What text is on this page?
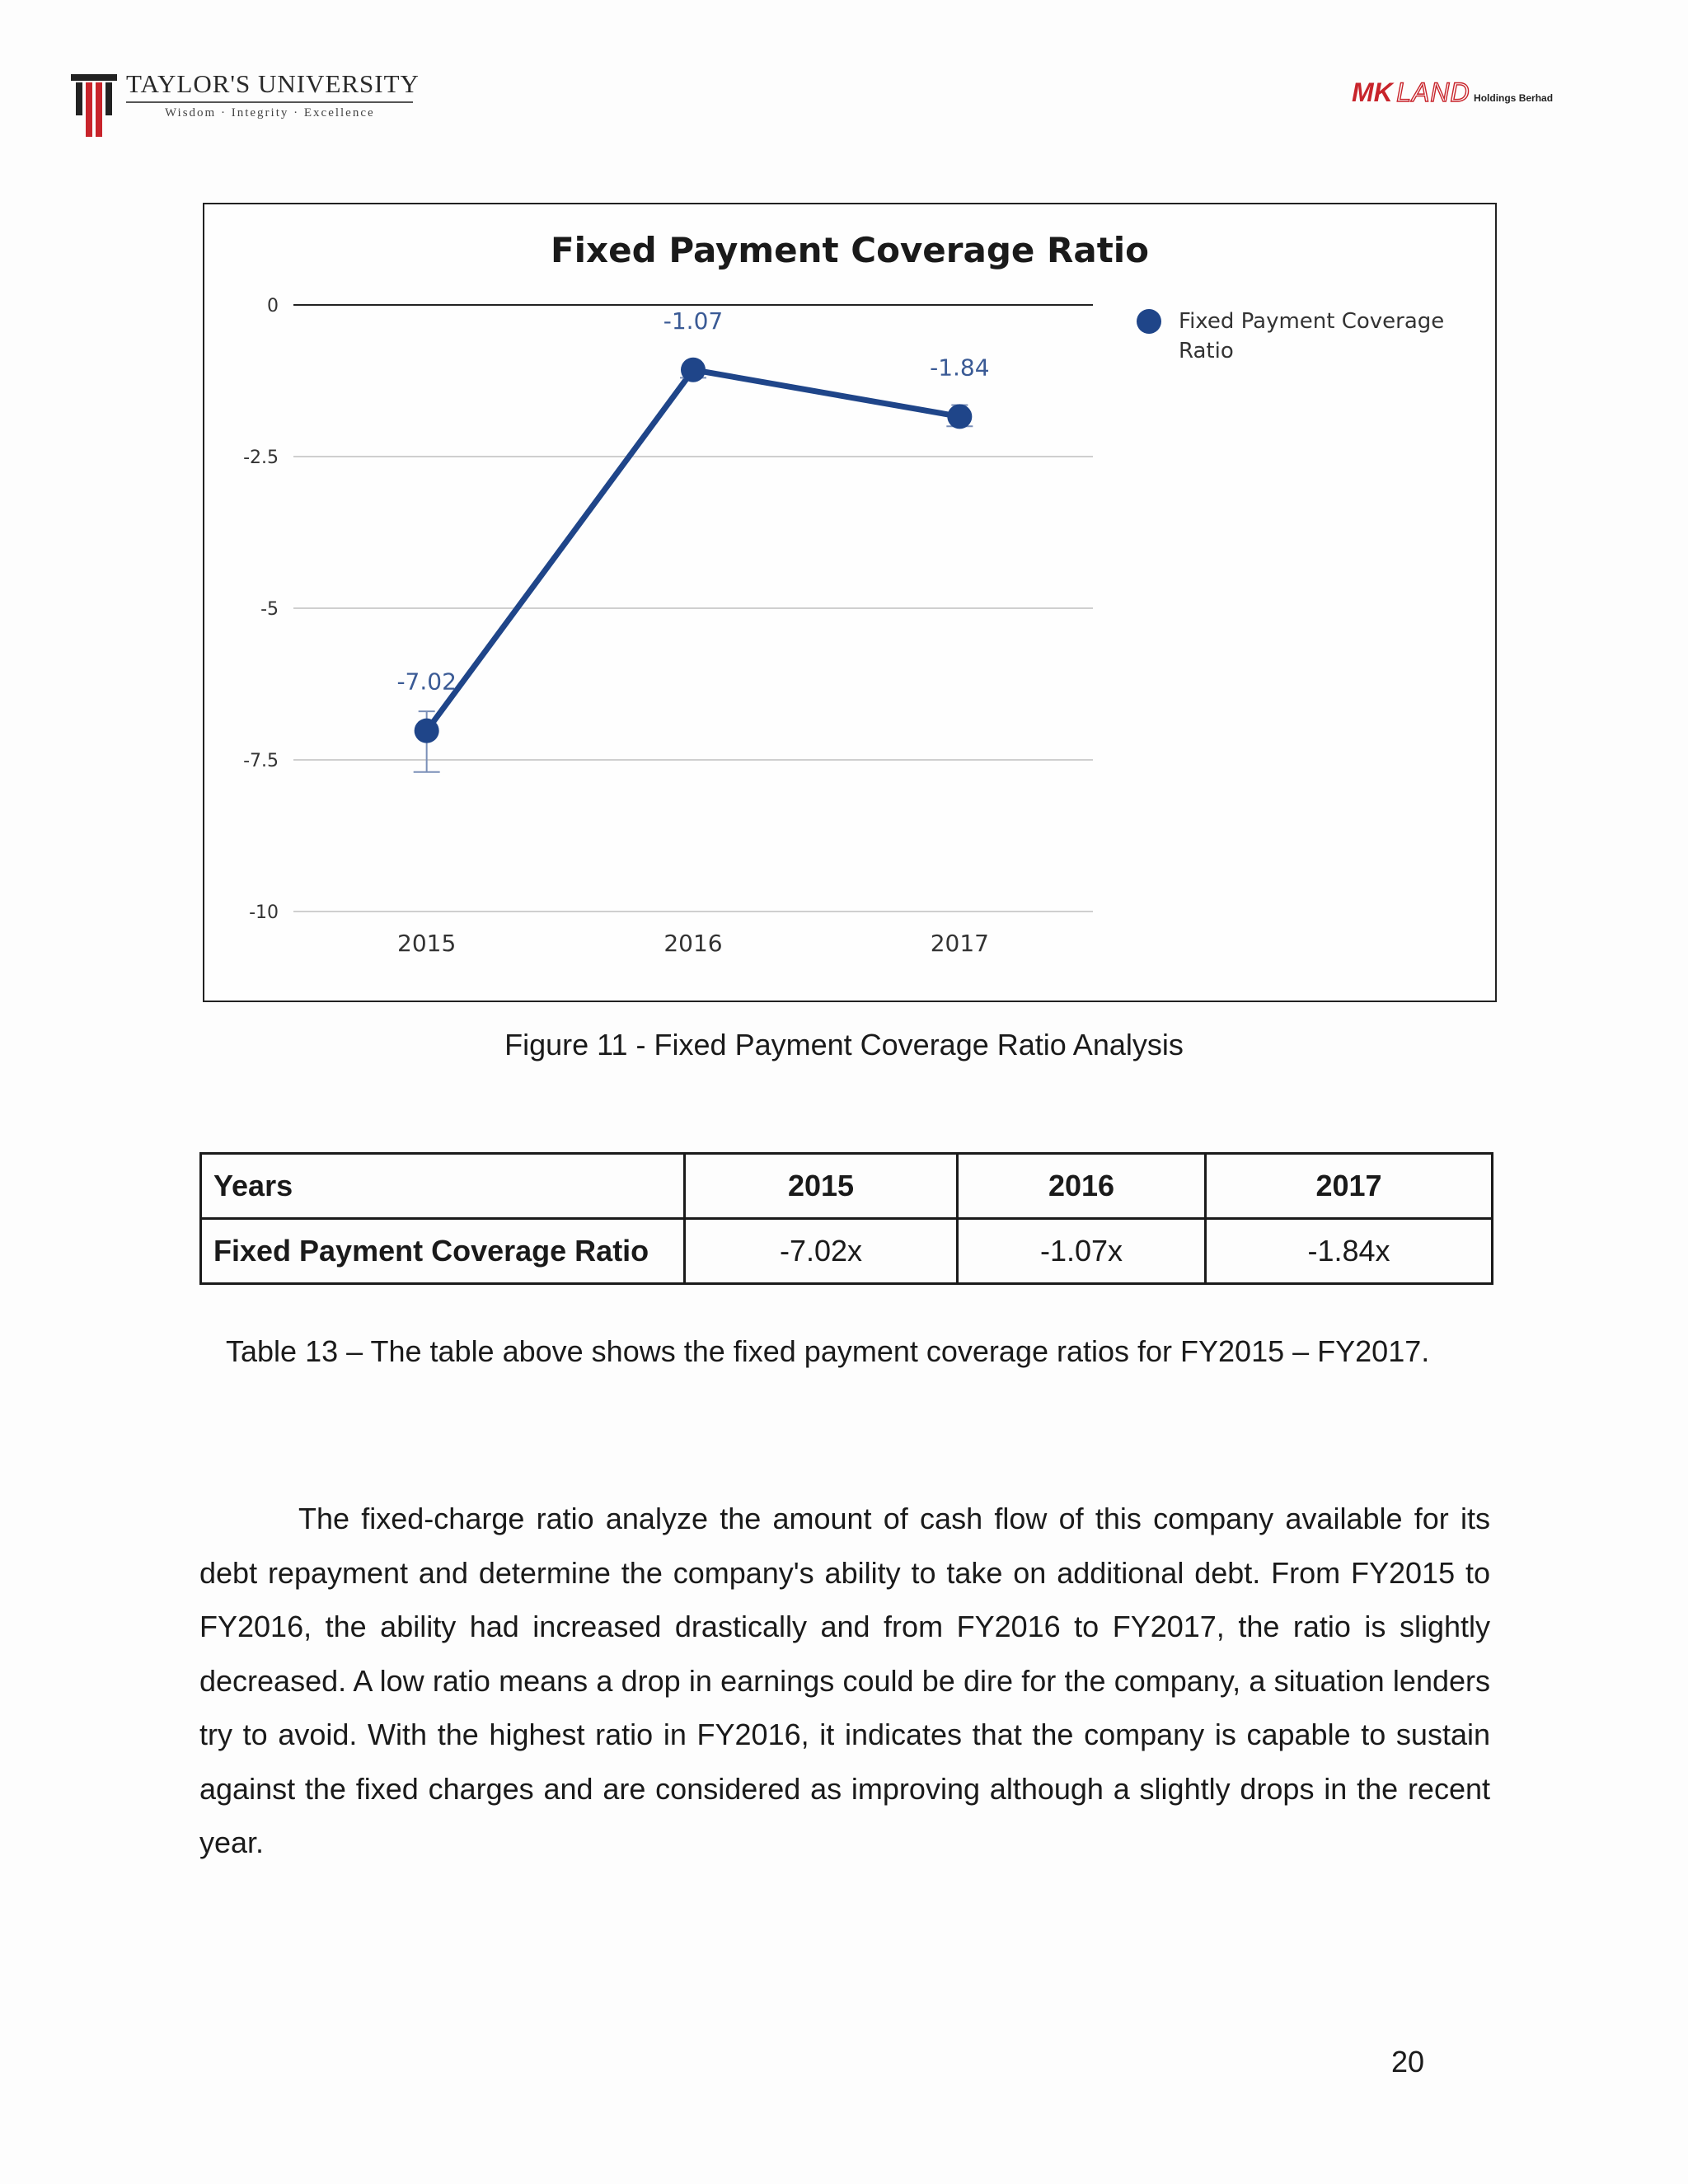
TAYLOR'S UNIVERSITY
Wisdom · Integrity · Excellence
MK LAND Holdings Berhad
Fixed Payment Coverage Ratio
0
-2.5
-5
-7.5
-10
2015	2016	2017
-7.02
-1.07
-1.84
Fixed Payment Coverage Ratio
Figure 11 - Fixed Payment Coverage Ratio Analysis
Years	2015	2016	2017
Fixed Payment Coverage Ratio	-7.02x	-1.07x	-1.84x
Table 13 – The table above shows the fixed payment coverage ratios for FY2015 – FY2017.
The fixed-charge ratio analyze the amount of cash flow of this company available for its debt repayment and determine the company's ability to take on additional debt. From FY2015 to FY2016, the ability had increased drastically and from FY2016 to FY2017, the ratio is slightly decreased. A low ratio means a drop in earnings could be dire for the company, a situation lenders try to avoid. With the highest ratio in FY2016, it indicates that the company is capable to sustain against the fixed charges and are considered as improving although a slightly drops in the recent year.
20
